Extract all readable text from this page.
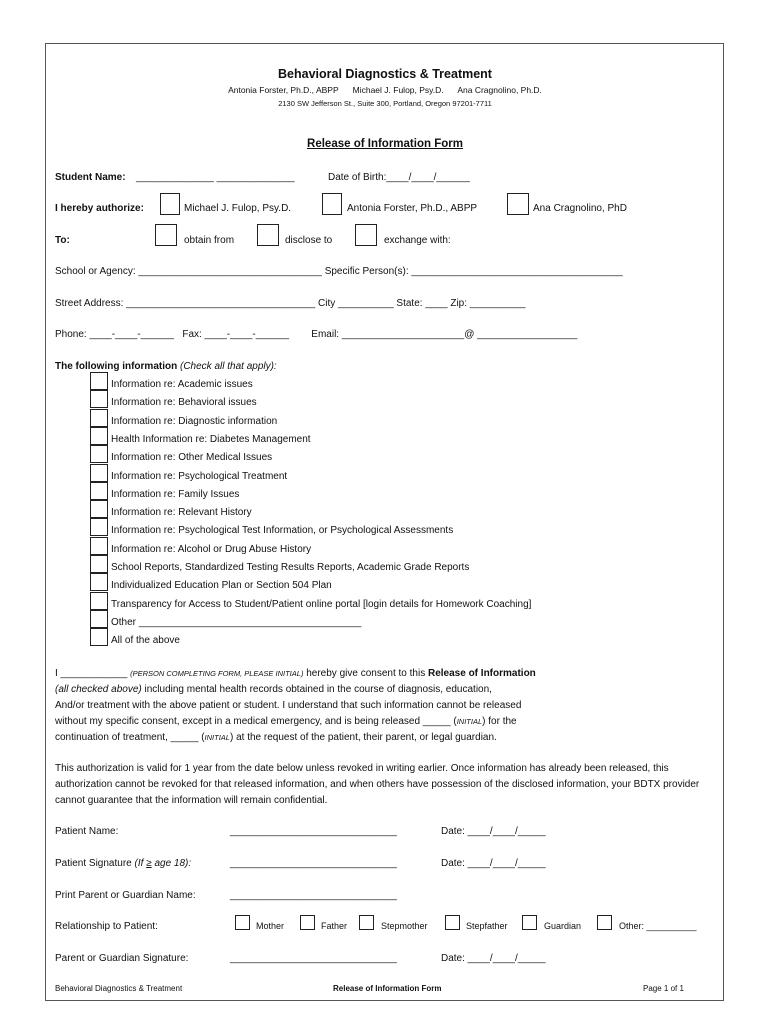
Behavioral Diagnostics & Treatment
Antonia Forster, Ph.D., ABPP      Michael J. Fulop, Psy.D.      Ana Cragnolino, Ph.D.
2130 SW Jefferson St., Suite 300, Portland, Oregon 97201-7711
Release of Information Form
Student Name: ______________ ______________	Date of Birth:____/____/______
I hereby authorize:	Michael J. Fulop, Psy.D.	Antonia Forster, Ph.D., ABPP	Ana Cragnolino, PhD
To:	obtain from	disclose to	exchange with:
School or Agency: _________________________________ Specific Person(s): ______________________________________
Street Address: __________________________________ City __________ State: ____ Zip: __________
Phone: ____-____-______   Fax: ____-____-______        Email: ______________________@ __________________
The following information (Check all that apply):
Information re: Academic issues
Information re: Behavioral issues
Information re: Diagnostic information
Health Information re: Diabetes Management
Information re: Other Medical Issues
Information re: Psychological Treatment
Information re: Family Issues
Information re: Relevant History
Information re: Psychological Test Information, or Psychological Assessments
Information re: Alcohol or Drug Abuse History
School Reports, Standardized Testing Results Reports, Academic Grade Reports
Individualized Education Plan or Section 504 Plan
Transparency for Access to Student/Patient online portal [login details for Homework Coaching]
Other ________________________________________
All of the above
I ____________ (PERSON COMPLETING FORM, PLEASE INITIAL) hereby give consent to this Release of Information
(all checked above) including mental health records obtained in the course of diagnosis, education,
And/or treatment with the above patient or student. I understand that such information cannot be released
without my specific consent, except in a medical emergency, and is being released _____ (INITIAL) for the
continuation of treatment, _____ (INITIAL) at the request of the patient, their parent, or legal guardian.
This authorization is valid for 1 year from the date below unless revoked in writing earlier. Once information has already been released, this authorization cannot be revoked for that released information, and when others have possession of the disclosed information, your BDTX provider cannot guarantee that the information will remain confidential.
Patient Name:	______________________________	Date: ____/____/_____
Patient Signature (If ≥ age 18):	______________________________	Date: ____/____/_____
Print Parent or Guardian Name:	______________________________
Relationship to Patient:	Mother	Father	Stepmother	Stepfather	Guardian	Other: __________
Parent or Guardian Signature:	______________________________	Date: ____/____/_____
Behavioral Diagnostics & Treatment	Release of Information Form	Page 1 of 1
